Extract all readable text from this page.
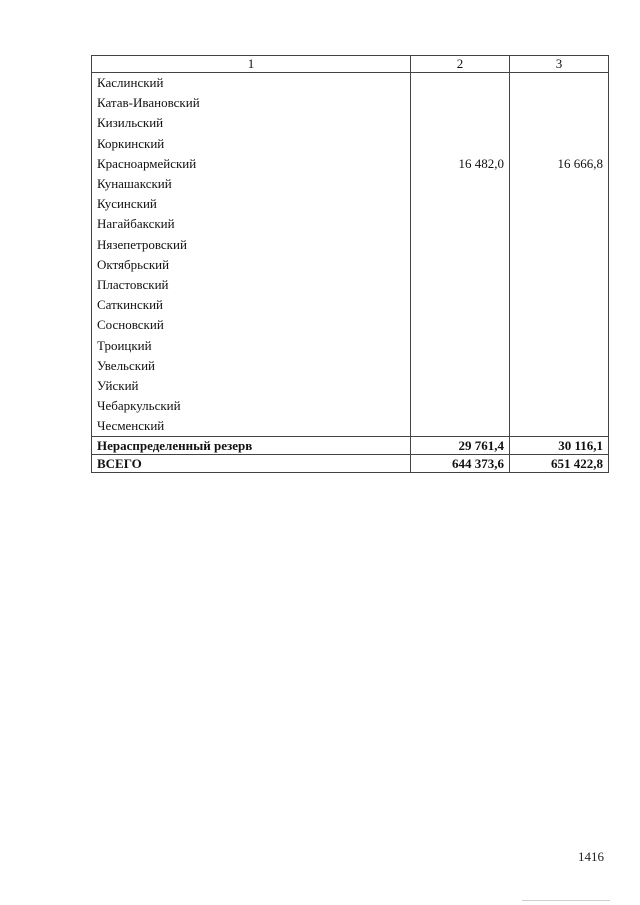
1	2	3
Каслинский		
Катав-Ивановский		
Кизильский		
Коркинский		
Красноармейский	16 482,0	16 666,8
Кунашакский		
Кусинский		
Нагайбакский		
Нязепетровский		
Октябрьский		
Пластовский		
Саткинский		
Сосновский		
Троицкий		
Увельский		
Уйский		
Чебаркульский		
Чесменский		
Нераспределенный резерв	29 761,4	30 116,1
ВСЕГО	644 373,6	651 422,8
1416
